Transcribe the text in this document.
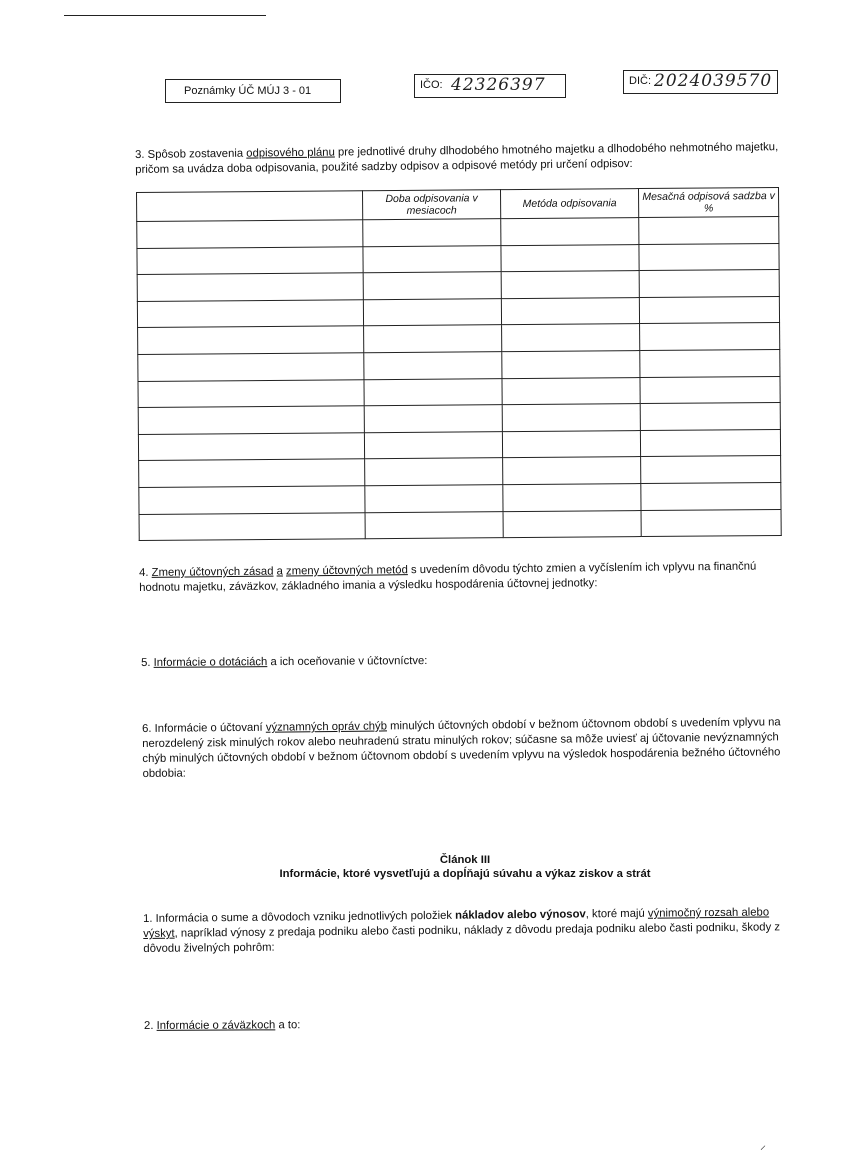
Poznámky ÚČ MÚJ 3 - 01	IČO: 42326397	DIČ: 2024039570
3. Spôsob zostavenia odpisového plánu pre jednotlivé druhy dlhodobého hmotného majetku a dlhodobého nehmotného majetku, pričom sa uvádza doba odpisovania, použité sadzby odpisov a odpisové metódy pri určení odpisov:
	Doba odpisovania v mesiacoch	Metóda odpisovania	Mesačná odpisová sadzba v %

4. Zmeny účtovných zásad a zmeny účtovných metód s uvedením dôvodu týchto zmien a vyčíslením ich vplyvu na finančnú hodnotu majetku, záväzkov, základného imania a výsledku hospodárenia účtovnej jednotky:
5. Informácie o dotáciách a ich oceňovanie v účtovníctve:
6. Informácie o účtovaní významných opráv chýb minulých účtovných období v bežnom účtovnom období s uvedením vplyvu na nerozdelený zisk minulých rokov alebo neuhradenú stratu minulých rokov; súčasne sa môže uviesť aj účtovanie nevýznamných chýb minulých účtovných období v bežnom účtovnom období s uvedením vplyvu na výsledok hospodárenia bežného účtovného obdobia:
Článok III
Informácie, ktoré vysvetľujú a dopĺňajú súvahu a výkaz ziskov a strát
1. Informácia o sume a dôvodoch vzniku jednotlivých položiek nákladov alebo výnosov, ktoré majú výnimočný rozsah alebo výskyt, napríklad výnosy z predaja podniku alebo časti podniku, náklady z dôvodu predaja podniku alebo časti podniku, škody z dôvodu živelných pohrôm:
2. Informácie o záväzkoch a to:
⸝
